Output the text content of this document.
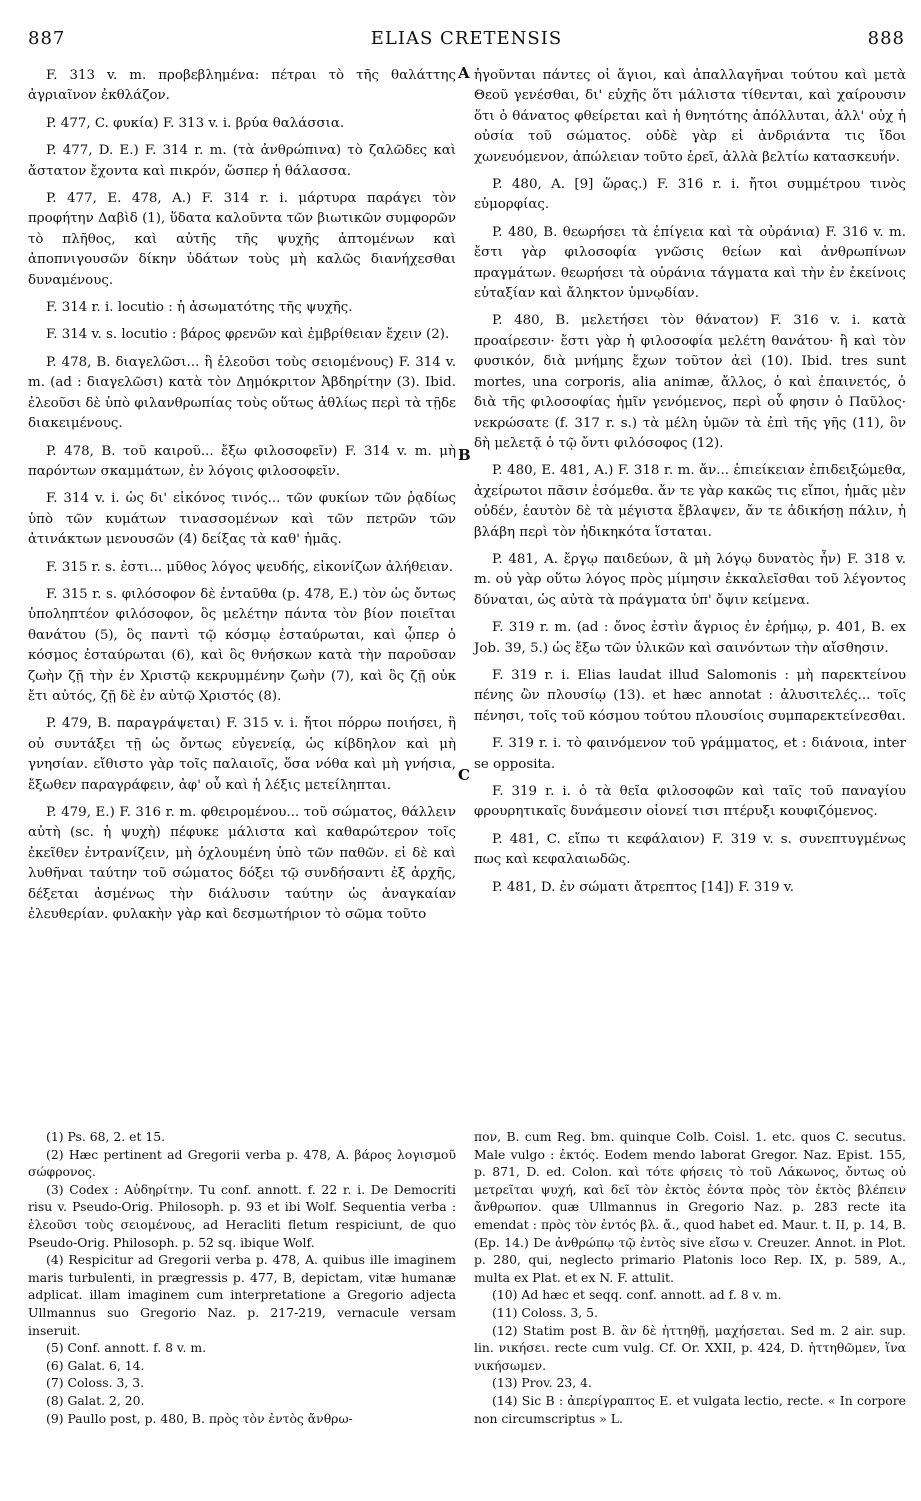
887	ELIAS CRETENSIS	888
A
B
C

F. 313 v. m. προβεβλημένα: πέτραι τὸ τῆς θαλάττης ἀγριαῖνον ἐκθλάζον.

P. 477, C. φυκία) F. 313 v. i. βρύα θαλάσσια.

P. 477, D. E.) F. 314 r. m. (τὰ ἀνθρώπινα) τὸ ζαλῶδες καὶ ἄστατον ἔχοντα καὶ πικρόν, ὥσπερ ἡ θάλασσα.

P. 477, E. 478, A.) F. 314 r. i. μάρτυρα παράγει τὸν προφήτην Δαβὶδ (1), ὕδατα καλοῦντα τῶν βιωτικῶν συμφορῶν τὸ πλῆθος, καὶ αὐτῆς τῆς ψυχῆς ἀπτομένων καὶ ἀποπνιγουσῶν δίκην ὑδάτων τοὺς μὴ καλῶς διανήχεσθαι δυναμένους.

F. 314 r. i. locutio : ἡ ἀσωματότης τῆς ψυχῆς.

F. 314 v. s. locutio : βάρος φρενῶν καὶ ἐμβρίθειαν ἔχειν (2).

P. 478, B. διαγελῶσι... ἢ ἐλεοῦσι τοὺς σειομένους) F. 314 v. m. (ad : διαγελῶσι) κατὰ τὸν Δημόκριτον Ἀβδηρίτην (3). Ibid. ἐλεοῦσι δὲ ὑπὸ φιλανθρωπίας τοὺς οὕτως ἀθλίως περὶ τὰ τῇδε διακειμένους.

P. 478, B. τοῦ καιροῦ... ἔξω φιλοσοφεῖν) F. 314 v. m. μὴ παρόντων σκαμμάτων, ἐν λόγοις φιλοσοφεῖν.

F. 314 v. i. ὡς δι' εἰκόνος τινός... τῶν φυκίων τῶν ῥᾳδίως ὑπὸ τῶν κυμάτων τινασσομένων καὶ τῶν πετρῶν τῶν ἀτινάκτων μενουσῶν (4) δείξας τὰ καθ' ἡμᾶς.

F. 315 r. s. ἐστι... μῦθος λόγος ψευδής, εἰκονίζων ἀλήθειαν.

F. 315 r. s. φιλόσοφον δὲ ἐνταῦθα (p. 478, E.) τὸν ὡς ὄντως ὑποληπτέον φιλόσοφον, ὃς μελέτην πάντα τὸν βίον ποιεῖται θανάτου (5), ὃς παντὶ τῷ κόσμῳ ἐσταύρωται, καὶ ᾧπερ ὁ κόσμος ἐσταύρωται (6), καὶ ὃς θνήσκων κατὰ τὴν παροῦσαν ζωὴν ζῇ τὴν ἐν Χριστῷ κεκρυμμένην ζωὴν (7), καὶ ὃς ζῇ οὐκ ἔτι αὐτός, ζῇ δὲ ἐν αὐτῷ Χριστός (8).

P. 479, B. παραγράψεται) F. 315 v. i. ἤτοι πόρρω ποιήσει, ἢ οὐ συντάξει τῇ ὡς ὄντως εὐγενείᾳ, ὡς κίβδηλον καὶ μὴ γνησίαν. εἴθιστο γὰρ τοῖς παλαιοῖς, ὅσα νόθα καὶ μὴ γνήσια, ἔξωθεν παραγράφειν, ἀφ' οὗ καὶ ἡ λέξις μετείληπται.

P. 479, E.) F. 316 r. m. φθειρομένου... τοῦ σώματος, θάλλειν αὐτὴ (sc. ἡ ψυχὴ) πέφυκε μάλιστα καὶ καθαρώτερον τοῖς ἐκεῖθεν ἐντρανίζειν, μὴ ὀχλουμένη ὑπὸ τῶν παθῶν. εἰ δὲ καὶ λυθῆναι ταύτην τοῦ σώματος δόξει τῷ συνδήσαντι ἐξ ἀρχῆς, δέξεται ἀσμένως τὴν διάλυσιν ταύτην ὡς ἀναγκαίαν ἐλευθερίαν. φυλακὴν γὰρ καὶ δεσμωτήριον τὸ σῶμα τοῦτο

ἡγοῦνται πάντες οἱ ἅγιοι, καὶ ἀπαλλαγῆναι τούτου καὶ μετὰ Θεοῦ γενέσθαι, δι' εὐχῆς ὅτι μάλιστα τίθενται, καὶ χαίρουσιν ὅτι ὁ θάνατος φθείρεται καὶ ἡ θνητότης ἀπόλλυται, ἀλλ' οὐχ ἡ οὐσία τοῦ σώματος. οὐδὲ γὰρ εἰ ἀνδριάντα τις ἴδοι χωνευόμενον, ἀπώλειαν τοῦτο ἐρεῖ, ἀλλὰ βελτίω κατασκευήν.

P. 480, A. [9] ὥρας.) F. 316 r. i. ἤτοι συμμέτρου τινὸς εὐμορφίας.

P. 480, B. θεωρήσει τὰ ἐπίγεια καὶ τὰ οὐράνια) F. 316 v. m. ἔστι γὰρ φιλοσοφία γνῶσις θείων καὶ ἀνθρωπίνων πραγμάτων. θεωρήσει τὰ οὐράνια τάγματα καὶ τὴν ἐν ἐκείνοις εὐταξίαν καὶ ἄληκτον ὑμνῳδίαν.

P. 480, B. μελετήσει τὸν θάνατον) F. 316 v. i. κατὰ προαίρεσιν· ἔστι γὰρ ἡ φιλοσοφία μελέτη θανάτου· ἢ καὶ τὸν φυσικόν, διὰ μνήμης ἔχων τοῦτον ἀεὶ (10). Ibid. tres sunt mortes, una corporis, alia animæ, ἄλλος, ὁ καὶ ἐπαινετός, ὁ διὰ τῆς φιλοσοφίας ἡμῖν γενόμενος, περὶ οὗ φησιν ὁ Παῦλος· νεκρώσατε (f. 317 r. s.) τὰ μέλη ὑμῶν τὰ ἐπὶ τῆς γῆς (11), ὃν δὴ μελετᾷ ὁ τῷ ὄντι φιλόσοφος (12).

P. 480, E. 481, A.) F. 318 r. m. ἄν... ἐπιείκειαν ἐπιδειξώμεθα, ἀχείρωτοι πᾶσιν ἐσόμεθα. ἄν τε γὰρ κακῶς τις εἴποι, ἡμᾶς μὲν οὐδέν, ἑαυτὸν δὲ τὰ μέγιστα ἔβλαψεν, ἄν τε ἀδικήσῃ πάλιν, ἡ βλάβη περὶ τὸν ἠδικηκότα ἵσταται.

P. 481, A. ἔργῳ παιδεύων, ἃ μὴ λόγῳ δυνατὸς ἦν) F. 318 v. m. οὐ γὰρ οὕτω λόγος πρὸς μίμησιν ἐκκαλεῖσθαι τοῦ λέγοντος δύναται, ὡς αὐτὰ τὰ πράγματα ὑπ' ὄψιν κείμενα.

F. 319 r. m. (ad : ὄνος ἐστὶν ἄγριος ἐν ἐρήμῳ, p. 401, B. ex Job. 39, 5.) ὡς ἔξω τῶν ὑλικῶν καὶ σαινόντων τὴν αἴσθησιν.

F. 319 r. i. Elias laudat illud Salomonis : μὴ παρεκτείνου πένης ὢν πλουσίῳ (13). et hæc annotat : ἀλυσιτελές... τοῖς πένησι, τοῖς τοῦ κόσμου τούτου πλουσίοις συμπαρεκτείνεσθαι.

F. 319 r. i. τὸ φαινόμενον τοῦ γράμματος, et : διάνοια, inter se opposita.

F. 319 r. i. ὁ τὰ θεῖα φιλοσοφῶν καὶ ταῖς τοῦ παναγίου φρουρητικαῖς δυνάμεσιν οἱονεί τισι πτέρυξι κουφιζόμενος.

P. 481, C. εἴπω τι κεφάλαιον) F. 319 v. s. συνεπτυγμένως πως καὶ κεφαλαιωδῶς.

P. 481, D. ἐν σώματι ἄτρεπτος [14]) F. 319 v.

(1) Ps. 68, 2. et 15.

(2) Hæc pertinent ad Gregorii verba p. 478, A. βάρος λογισμοῦ σώφρονος.

(3) Codex : Αὐδηρίτην. Tu conf. annott. f. 22 r. i. De Democriti risu v. Pseudo-Orig. Philosoph. p. 93 et ibi Wolf. Sequentia verba : ἐλεοῦσι τοὺς σειομένους, ad Heracliti fletum respiciunt, de quo Pseudo-Orig. Philosoph. p. 52 sq. ibique Wolf.

(4) Respicitur ad Gregorii verba p. 478, A. quibus ille imaginem maris turbulenti, in prægressis p. 477, B, depictam, vitæ humanæ adplicat. illam imaginem cum interpretatione a Gregorio adjecta Ullmannus suo Gregorio Naz. p. 217-219, vernacule versam inseruit.

(5) Conf. annott. f. 8 v. m.

(6) Galat. 6, 14.

(7) Coloss. 3, 3.

(8) Galat. 2, 20.

(9) Paullo post, p. 480, B. πρὸς τὸν ἐντὸς ἄνθρω-

πον, B. cum Reg. bm. quinque Colb. Coisl. 1. etc. quos C. secutus. Male vulgo : ἐκτός. Eodem mendo laborat Gregor. Naz. Epist. 155, p. 871, D. ed. Colon. καὶ τότε φήσεις τὸ τοῦ Λάκωνος, ὄντως οὐ μετρεῖται ψυχή, καὶ δεῖ τὸν ἐκτὸς ἐόντα πρὸς τὸν ἐκτὸς βλέπειν ἄνθρωπον. quæ Ullmannus in Gregorio Naz. p. 283 recte ita emendat : πρὸς τὸν ἐντός βλ. ἄ., quod habet ed. Maur. t. II, p. 14, B. (Ep. 14.) De ἀνθρώπῳ τῷ ἐντὸς sive εἴσω v. Creuzer. Annot. in Plot. p. 280, qui, neglecto primario Platonis loco Rep. IX, p. 589, A., multa ex Plat. et ex N. F. attulit.

(10) Ad hæc et seqq. conf. annott. ad f. 8 v. m.

(11) Coloss. 3, 5.

(12) Statim post B. ἂν δὲ ἡττηθῇ, μαχήσεται. Sed m. 2 air. sup. lin. νικήσει. recte cum vulg. Cf. Or. XXII, p. 424, D. ἡττηθῶμεν, ἵνα νικήσωμεν.

(13) Prov. 23, 4.

(14) Sic B : ἀπερίγραπτος E. et vulgata lectio, recte. « In corpore non circumscriptus » L.
